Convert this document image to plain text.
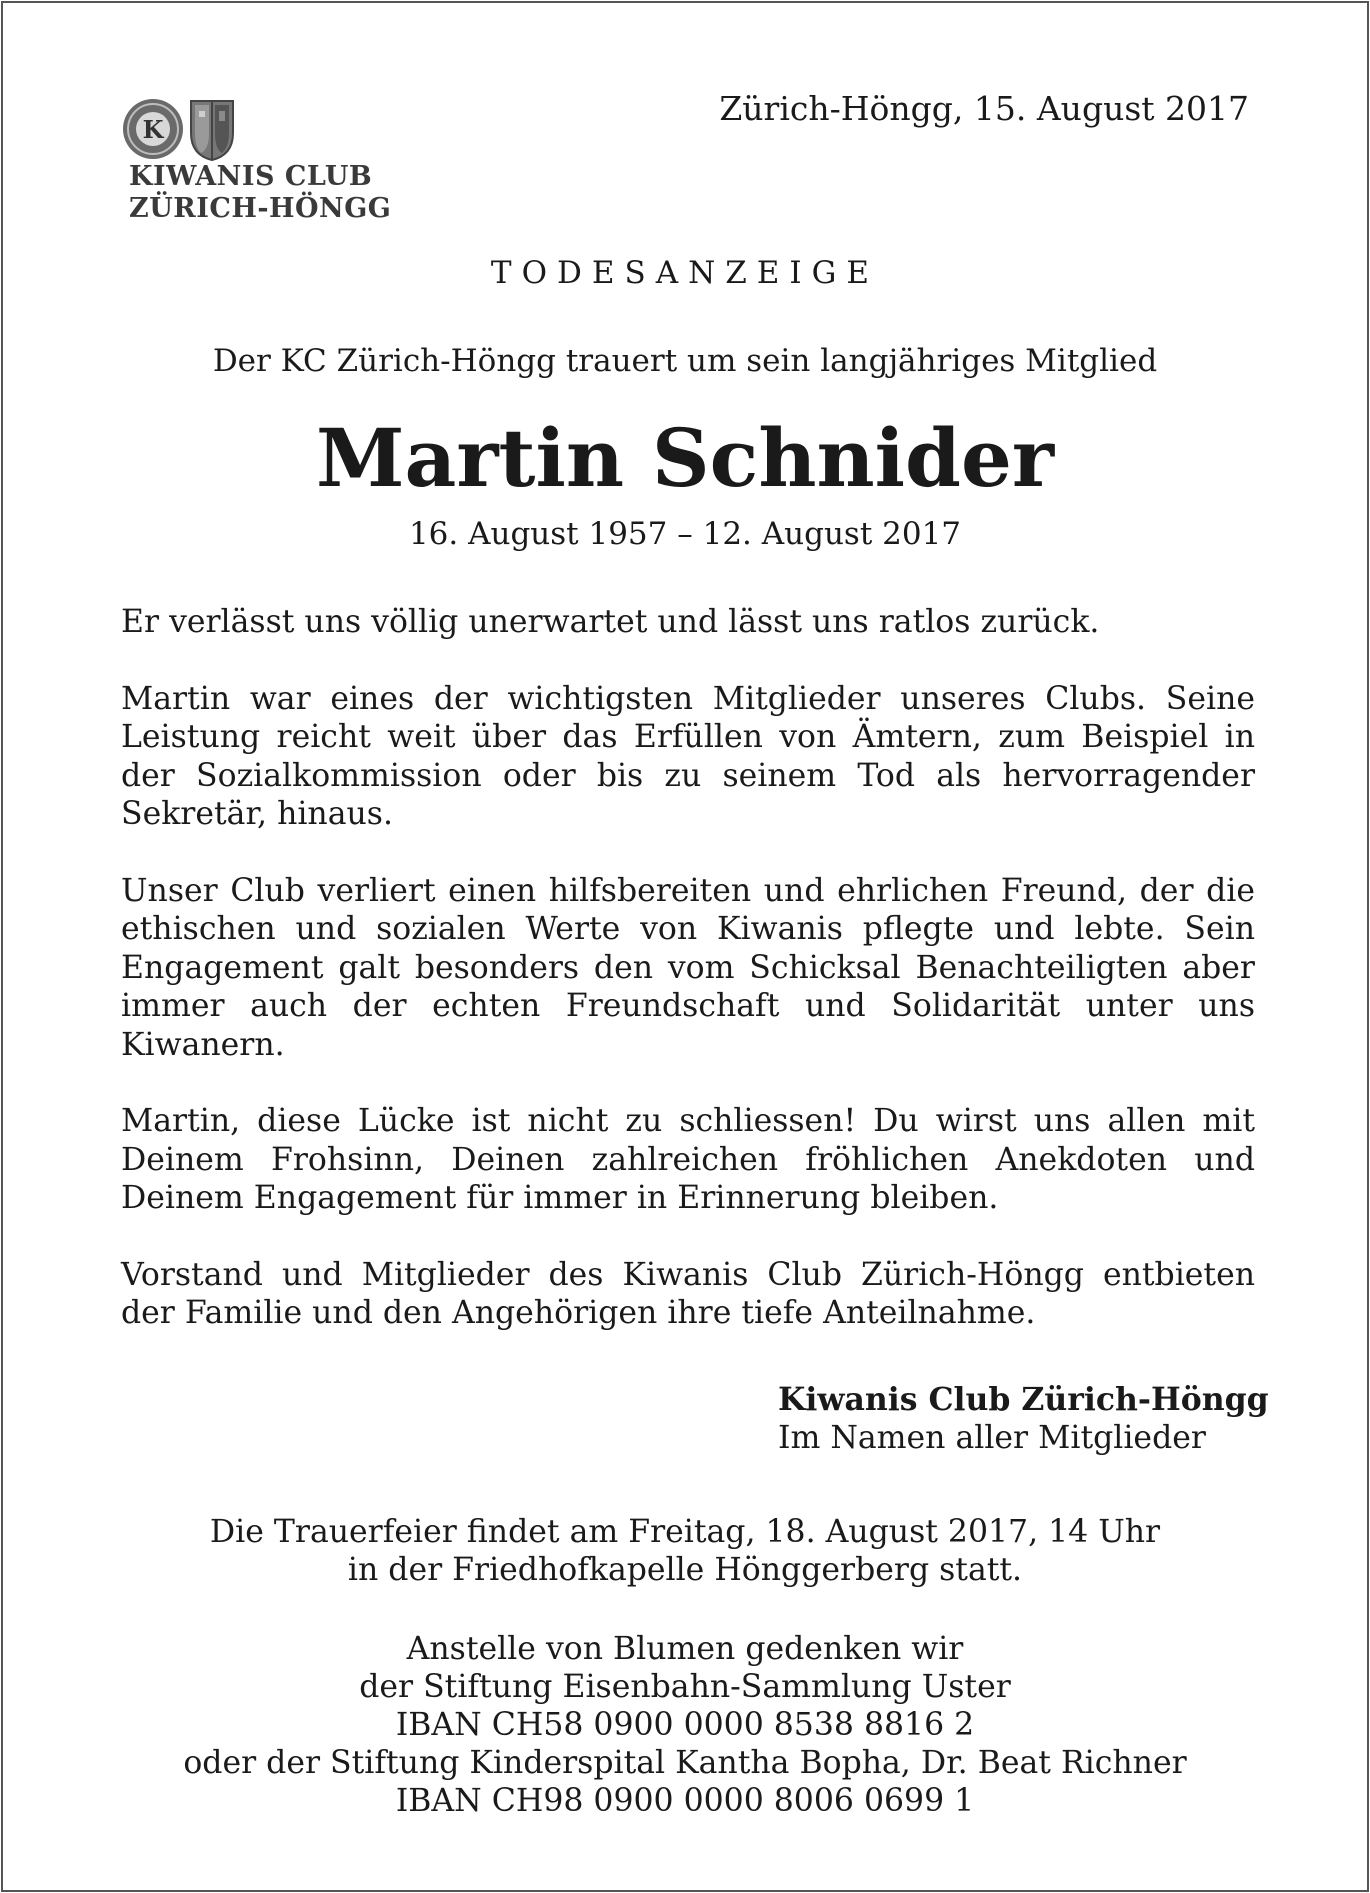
K
KIWANIS CLUB
ZÜRICH-HÖNGG
Zürich-Höngg, 15. August 2017
TODESANZEIGE
Der KC Zürich-Höngg trauert um sein langjähriges Mitglied
Martin Schnider
16. August 1957 – 12. August 2017

Er verlässt uns völlig unerwartet und lässt uns ratlos zurück.

Martin war eines der wichtigsten Mitglieder unseres Clubs. Seine Leistung reicht weit über das Erfüllen von Ämtern, zum Beispiel in der Sozialkommission oder bis zu seinem Tod als hervorragender Sekretär, hinaus.

Unser Club verliert einen hilfsbereiten und ehrlichen Freund, der die ethischen und sozialen Werte von Kiwanis pflegte und lebte. Sein Engagement galt besonders den vom Schicksal Benachteiligten aber immer auch der echten Freundschaft und Solidarität unter uns Kiwanern.

Martin, diese Lücke ist nicht zu schliessen! Du wirst uns allen mit Deinem Frohsinn, Deinen zahlreichen fröhlichen Anekdoten und Deinem Engagement für immer in Erinnerung bleiben.

Vorstand und Mitglieder des Kiwanis Club Zürich-Höngg entbieten der Familie und den Angehörigen ihre tiefe Anteilnahme.

Kiwanis Club Zürich-Höngg
Im Namen aller Mitglieder
Die Trauerfeier findet am Freitag, 18. August 2017, 14 Uhr
in der Friedhofkapelle Hönggerberg statt.
Anstelle von Blumen gedenken wir
der Stiftung Eisenbahn-Sammlung Uster
IBAN CH58 0900 0000 8538 8816 2
oder der Stiftung Kinderspital Kantha Bopha, Dr. Beat Richner
IBAN CH98 0900 0000 8006 0699 1
